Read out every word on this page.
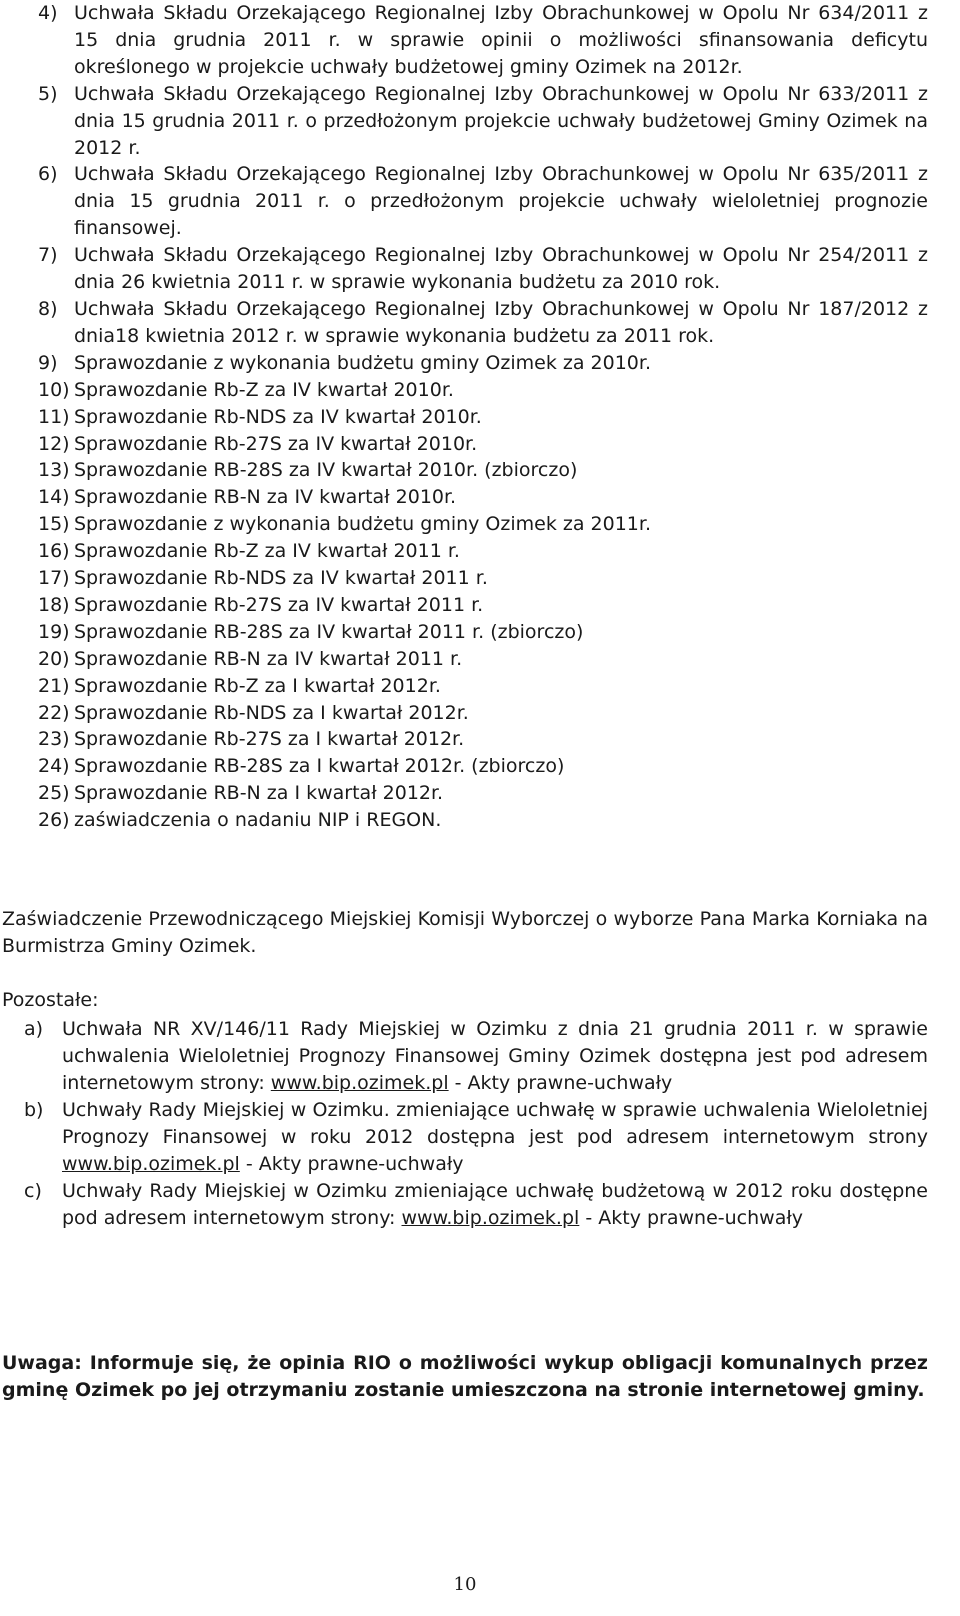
4) Uchwała Składu Orzekającego Regionalnej Izby Obrachunkowej w Opolu Nr 634/2011 z 15 dnia grudnia 2011 r. w sprawie opinii o możliwości sfinansowania deficytu określonego w projekcie uchwały budżetowej gminy Ozimek na 2012r.
5) Uchwała Składu Orzekającego Regionalnej Izby Obrachunkowej w Opolu Nr 633/2011 z dnia 15 grudnia 2011 r. o przedłożonym projekcie uchwały budżetowej Gminy Ozimek na 2012 r.
6) Uchwała Składu Orzekającego Regionalnej Izby Obrachunkowej w Opolu Nr 635/2011 z dnia 15 grudnia 2011 r. o przedłożonym projekcie uchwały wieloletniej prognozie finansowej.
7) Uchwała Składu Orzekającego Regionalnej Izby Obrachunkowej w Opolu Nr 254/2011 z dnia 26 kwietnia 2011 r. w sprawie wykonania budżetu za 2010 rok.
8) Uchwała Składu Orzekającego Regionalnej Izby Obrachunkowej w Opolu Nr 187/2012 z dnia18 kwietnia 2012 r. w sprawie wykonania budżetu za 2011 rok.
9) Sprawozdanie z wykonania budżetu gminy Ozimek za 2010r.
10) Sprawozdanie Rb-Z za IV kwartał 2010r.
11) Sprawozdanie Rb-NDS za IV kwartał 2010r.
12) Sprawozdanie Rb-27S za IV kwartał 2010r.
13) Sprawozdanie RB-28S za IV kwartał 2010r. (zbiorczo)
14) Sprawozdanie RB-N za IV kwartał 2010r.
15) Sprawozdanie z wykonania budżetu gminy Ozimek za 2011r.
16) Sprawozdanie Rb-Z za IV kwartał 2011 r.
17) Sprawozdanie Rb-NDS za IV kwartał 2011 r.
18) Sprawozdanie Rb-27S za IV kwartał 2011 r.
19) Sprawozdanie RB-28S za IV kwartał 2011 r. (zbiorczo)
20) Sprawozdanie RB-N za IV kwartał 2011 r.
21) Sprawozdanie Rb-Z za I kwartał 2012r.
22) Sprawozdanie Rb-NDS za I kwartał 2012r.
23) Sprawozdanie Rb-27S za I kwartał 2012r.
24) Sprawozdanie RB-28S za I kwartał 2012r. (zbiorczo)
25) Sprawozdanie RB-N za I kwartał 2012r.
26) zaświadczenia o nadaniu NIP i REGON.
Zaświadczenie Przewodniczącego Miejskiej Komisji Wyborczej o wyborze Pana Marka Korniaka na Burmistrza Gminy Ozimek.
Pozostałe:
a) Uchwała NR XV/146/11 Rady Miejskiej w Ozimku z dnia 21 grudnia 2011 r. w sprawie uchwalenia Wieloletniej Prognozy Finansowej Gminy Ozimek dostępna jest pod adresem internetowym strony: www.bip.ozimek.pl - Akty prawne-uchwały
b) Uchwały Rady Miejskiej w Ozimku. zmieniające uchwałę w sprawie uchwalenia Wieloletniej Prognozy Finansowej w roku 2012 dostępna jest pod adresem internetowym strony www.bip.ozimek.pl - Akty prawne-uchwały
c)	Uchwały Rady Miejskiej w Ozimku zmieniające uchwałę budżetową w 2012 roku dostępne pod adresem internetowym strony: www.bip.ozimek.pl - Akty prawne-uchwały
Uwaga: Informuje się, że opinia RIO o możliwości wykup obligacji komunalnych przez gminę Ozimek po jej otrzymaniu zostanie umieszczona na stronie internetowej gminy.
10
